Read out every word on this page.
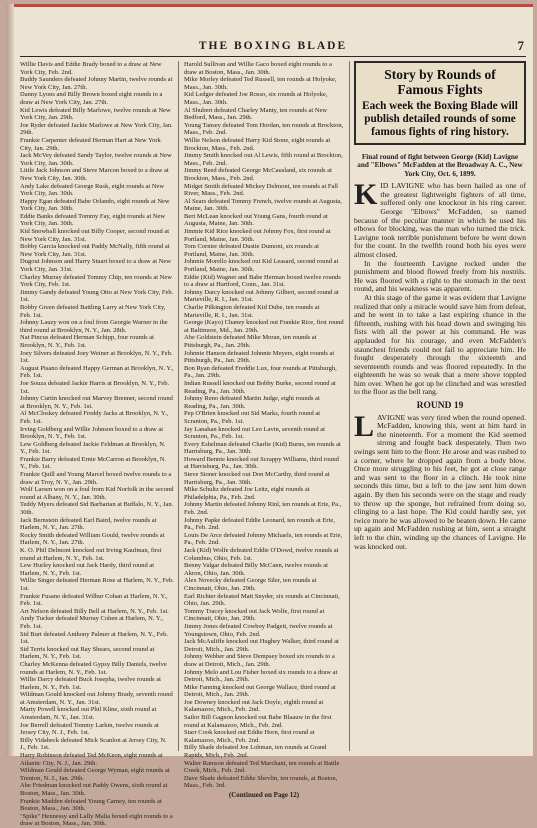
THE BOXING BLADE	7

Willie Davis and Eddie Brady boxed to a draw at New York City, Feb. 2nd.

Buddy Saunders defeated Johnny Martin, twelve rounds at New York City, Jan. 27th.

Danny Lyons and Billy Brown boxed eight rounds to a draw at New York City, Jan. 27th.

Kid Lewis defeated Billy Marlowe, twelve rounds at New York City, Jan. 29th.

Joe Ryder defeated Jackie Marlowe at New York City, Jan. 29th.

Frankie Carpenter defeated Herman Hart at New York City, Jan. 29th.

Jack McVey defeated Sandy Taylor, twelve rounds at New York City, Jan. 30th.

Little Jack Johnson and Steve Marcon boxed to a draw at New York City, Jan. 30th.

Andy Lake defeated George Rusk, eight rounds at New York City, Jan. 30th.

Happy Egan defeated Babe Orlando, eight rounds at New York City, Jan. 30th.

Eddie Banks defeated Tommy Fay, eight rounds at New York City, Jan. 30th.

Kid Snowball knocked out Billy Cooper, second round at New York City, Jan. 31st.

Bobby Garcia knocked out Paddy McNally, fifth round at New York City, Jan. 31st.

Dugout Johnson and Harry Stuart boxed to a draw at New York City, Jan. 31st.

Charley Murray defeated Tommy Chip, ten rounds at New York City, Feb. 1st.

Jimmy Gandy defeated Young Otto at New York City, Feb. 1st.

Bobby Green defeated Battling Larry at New York City, Feb. 1st.

Johnny Lauzy won on a foul from Georgie Warner in the third round at Brooklyn, N. Y., Jan. 28th.

Nat Pincus defeated Herman Schipp, four rounds at Brooklyn, N. Y., Feb. 1st.

Joey Silvers defeated Joey Weiner at Brooklyn, N. Y., Feb. 1st.

August Pisano defeated Happy German at Brooklyn, N. Y., Feb. 1st.

Joe Souza defeated Jackie Harris at Brooklyn, N. Y., Feb. 1st.

Johnny Curtin knocked out Marvey Brenner, second round at Brooklyn, N. Y., Feb. 1st.

Al McCloskey defeated Freddy Jacks at Brooklyn, N. Y., Feb. 1st.

Irving Goldberg and Willie Johnson boxed to a draw at Brooklyn, N. Y., Feb. 1st.

Lew Goldberg defeated Jackie Feldman at Brooklyn, N. Y., Feb. 1st.

Frankie Barry defeated Ernie McCarron at Brooklyn, N. Y., Feb. 1st.

Frankie Quill and Young Marcel boxed twelve rounds to a draw at Troy, N. Y., Jan. 29th.

Wolf Larsen won on a foul from Kid Norfolk in the second round at Albany, N. Y., Jan. 30th.

Teddy Myers defeated Sid Barbarian at Buffalo, N. Y., Jan. 30th.

Jack Bernstein defeated Earl Baird, twelve rounds at Harlem, N. Y., Jan. 27th.

Rocky Smith defeated William Gould, twelve rounds at Harlem, N. Y., Jan. 27th.

K. O. Phil Delmont knocked out Irving Kaufman, first round at Harlem, N. Y., Feb. 1st.

Lew Hurley knocked out Jack Hardy, third round at Harlem, N. Y., Feb. 1st.

Willie Singer defeated Herman Rose at Harlem, N. Y., Feb. 1st.

Frankie Fusano defeated Wilbur Cohan at Harlem, N. Y., Feb. 1st.

Art Nelson defeated Billy Bell at Harlem, N. Y., Feb. 1st.

Andy Tucker defeated Murray Cohen at Harlem, N. Y., Feb. 1st.

Sid Burt defeated Anthony Palmer at Harlem, N. Y., Feb. 1st.

Sid Terris knocked out Ray Shears, second round at Harlem, N. Y., Feb. 1st.

Charley McKenna defeated Gypsy Billy Daniels, twelve rounds at Harlem, N. Y., Feb. 1st.

Willie Darcy defeated Buck Josepha, twelve rounds at Harlem, N. Y., Feb. 1st.

Wildman Gould knocked out Johnny Brady, seventh round at Amsterdam, N. Y., Jan. 31st.

Marty Powell knocked out Phil Kline, sixth round at Amsterdam, N. Y., Jan. 31st.

Joe Berrell defeated Tommy Larkin, twelve rounds at Jersey City, N. J., Feb. 1st.

Billy Vidabeck defeated Mick Scanlon at Jersey City, N. J., Feb. 1st.

Harry Robinson defeated Ted McKeon, eight rounds at Atlantic City, N. J., Jan. 29th.

Wildman Gould defeated George Wyman, eight rounds at Trenton, N. J., Jan. 29th.

Abe Friedman knocked out Paddy Owens, sixth round at Boston, Mass., Jan. 30th.

Frankie Madden defeated Young Carney, ten rounds at Boston, Mass., Jan. 30th.

"Spike" Hennessy and Lally Malia boxed eight rounds to a draw at Boston, Mass., Jan. 30th.

Harold Sullivan and Willie Gaco boxed eight rounds to a draw at Boston, Mass., Jan. 30th.

Mike Morley defeated Ted Russell, ten rounds at Holyoke, Mass., Jan. 30th.

Kid Ledger defeated Joe Rosso, six rounds at Holyoke, Mass., Jan. 30th.

Al Shubert defeated Charley Manty, ten rounds at New Bedford, Mass., Jan. 29th.

Young Tansey defeated Tom Hordan, ten rounds at Brockton, Mass., Feb. 2nd.

Willie Nelson defeated Harry Kid Stone, eight rounds at Brockton, Mass., Feb. 2nd.

Jimmy Smith knocked out Al Lewis, fifth round at Brockton, Mass., Feb. 2nd.

Jimmy Reed defeated George McCausland, six rounds at Brockton, Mass., Feb. 2nd.

Midget Smith defeated Mickey Delmont, ten rounds at Fall River, Mass., Feb. 2nd.

Al Sears defeated Tommy French, twelve rounds at Augusta, Maine, Jan. 30th.

Bert McLean knocked out Young Gans, fourth round at Augusta, Maine, Jan. 30th.

Jimmie Kid Rice knocked out Johnny Fox, first round at Portland, Maine, Jan. 30th.

Tom Cornier defeated Dustie Dumont, six rounds at Portland, Maine, Jan. 30th.

Johnnie Morello knocked out Kid Leasard, second round at Portland, Maine, Jan. 30th.

Eddie (Kid) Wagner and Babe Herman boxed twelve rounds to a draw at Hartford, Conn., Jan. 31st.

Johnny Darcy knocked out Johnny Gilbert, second round at Marieville, R. I., Jan. 31st.

Charlie Pilkington defeated Kid Dube, ten rounds at Marieville, R. I., Jan. 31st.

George (Kayo) Chaney knocked out Frankie Rice, first round at Baltimore, Md., Jan. 29th.

Abe Goldstein defeated Mike Moran, ten rounds at Pittsburgh, Pa., Jan. 29th.

Johnnie Hanson defeated Johnnie Meyers, eight rounds at Pittsburgh, Pa., Jan. 29th.

Bon Ryan defeated Freddie Lux, four rounds at Pittsburgh, Pa., Jan. 29th.

Indian Russell knocked out Bobby Burke, second round at Reading, Pa., Jan. 30th.

Johnny Reno defeated Martin Judge, eight rounds at Reading, Pa., Jan. 30th.

Pep O'Brien knocked out Sid Marks, fourth round at Scranton, Pa., Feb. 1st.

Jay Lanahan knocked out Leo Lavin, seventh round at Scranton, Pa., Feb. 1st.

Every Eshelman defeated Charlie (Kid) Burns, ten rounds at Harrisburg, Pa., Jan. 30th.

Howard Bennie knocked out Scrappy Williams, third round at Harrisburg, Pa., Jan. 30th.

Steve Stoner knocked out Don McCarthy, third round at Harrisburg, Pa., Jan. 30th.

Mike Schultz defeated Joe Leitz, eight rounds at Philadelphia, Pa., Feb. 2nd.

Johnny Martin defeated Johnny Rinl, ten rounds at Erie, Pa., Feb. 2nd.

Johnny Papke defeated Eddie Leonard, ten rounds at Erie, Pa., Feb. 2nd.

Louis De Arce defeated Johnny Michaels, ten rounds at Erie, Pa., Feb. 2nd.

Jack (Kid) Wolfe defeated Eddie O'Dowd, twelve rounds at Columbus, Ohio, Feb. 1st.

Benny Valgar defeated Billy McCann, twelve rounds at Akron, Ohio, Jan. 30th.

Alex Novecky defeated George Siler, ten rounds at Cincinnati, Ohio, Jan. 29th.

Earl Richter defeated Matt Snyder, six rounds at Cincinnati, Ohio, Jan. 29th.

Tommy Tracey knocked out Jack Wolfe, first round at Cincinnati, Ohio, Jan. 29th.

Jimmy Jones defeated Cowboy Padgett, twelve rounds at Youngstown, Ohio, Feb. 2nd.

Jack McAuliffe knocked out Hughey Walker, third round at Detroit, Mich., Jan. 29th.

Johnny Webber and Steve Dempsey boxed six rounds to a draw at Detroit, Mich., Jan. 29th.

Johnny Melo and Lou Fisher boxed six rounds to a draw at Detroit, Mich., Jan. 29th.

Mike Fanning knocked out George Wallace, third round at Detroit, Mich., Jan. 29th.

Joe Downey knocked out Jack Doyle, eighth round at Kalamazoo, Mich., Feb. 2nd.

Sailor Bill Gagnon knocked out Babe Blaauw in the first round at Kalamazoo, Mich., Feb. 2nd.

Starr Cook knocked out Eddie Horn, first round at Kalamazoo, Mich., Feb. 2nd.

Billy Shade defeated Joe Lohman, ten rounds at Grand Rapids, Mich., Feb. 2nd.

Walter Ramson defeated Ted Marchant, ten rounds at Battle Creek, Mich., Feb. 2nd.

Dave Shade defeated Eddie Shevlin, ten rounds, at Boston, Mass., Feb. 3rd.

(Continued on Page 12)
Story by Rounds of Famous Fights
Each week the Boxing Blade will publish detailed rounds of some famous fights of ring history.
Final round of fight between George (Kid) Lavigne and "Elbows" McFadden at the Broadway A. C., New York City, Oct. 6, 1899.

KID LAVIGNE who has been hailed as one of the greatest lightweight fighters of all time, suffered only one knockout in his ring career. George "Elbows" McFadden, so named because of the peculiar manner in which he used his elbows for blocking, was the man who turned the trick. Lavigne took terrible punishment before he went down for the count. In the twelfth round both his eyes were almost closed.

In the fourteenth Lavigne rocked under the punishment and blood flowed freely from his nostrils. He was floored with a right to the stomach in the next round, and his weakness was apparent.

At this stage of the game it was evident that Lavigne realized that only a miracle would save him from defeat, and he went in to take a last expiring chance in the fifteenth, rushing with his head down and swinging his fists with all the power at his command. He was applauded for his courage, and even McFadden's staunchest friends could not fail to appreciate him. He fought desperately through the sixteenth and seventeenth rounds and was floored repeatedly. In the eighteenth he was so weak that a mere shove toppled him over. When he got up he clinched and was wrestled to the floor as the bell rang.

ROUND 19

LAVIGNE was very tired when the round opened. McFadden, knowing this, went at him hard in the nineteenth. For a moment the Kid seemed strong and fought back desperately. Then two swings sent him to the floor. He arose and was rushed to a corner, where he dropped again from a body blow. Once more struggling to his feet, he got at close range and was sent to the floor in a clinch. He took nine seconds this time, but a left to the jaw sent him down again. By then his seconds were on the stage and ready to throw up the sponge, but refrained from doing so, clinging to a last hope. The Kid could hardly see, yet twice more he was allowed to be beaten down. He came up again and McFadden rushing at him, sent a straight left to the chin, winding up the chances of Lavigne. He was knocked out.
